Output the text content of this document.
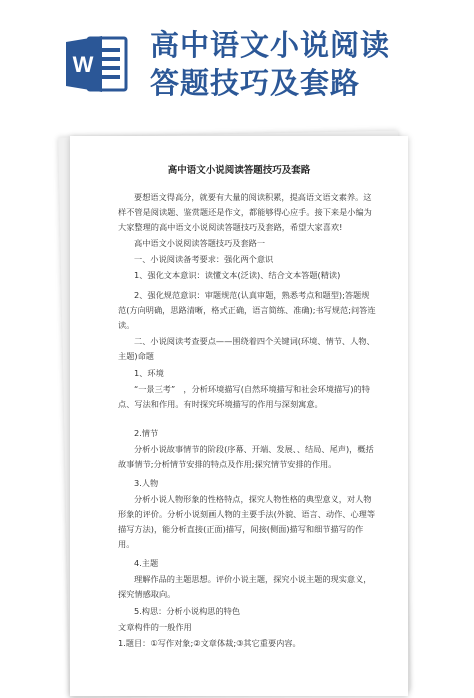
W
高中语文小说阅读
答题技巧及套路
高中语文小说阅读答题技巧及套路

要想语文得高分，就要有大量的阅读积累，提高语文语文素养。这样不管是阅读题、鉴赏题还是作文，都能够得心应手。接下来是小编为大家整理的高中语文小说阅读答题技巧及套路，希望大家喜欢!

高中语文小说阅读答题技巧及套路一

一、小说阅读备考要求：强化两个意识

1、强化文本意识：读懂文本(泛读)、结合文本答题(精读)

2、强化规范意识：审题规范(认真审题，熟悉考点和题型);答题规范(方向明确，思路清晰，格式正确，语言简练、准确);书写规范;问答连读。

二、小说阅读考查要点——围绕着四个关键词(环境、情节、人物、主题)命题

1、环境

“一景三考”　，分析环境描写(自然环境描写和社会环境描写)的特点、写法和作用。有时探究环境描写的作用与深刻寓意。

2.情节

分析小说故事情节的阶段(序幕、开端、发展、、结局、尾声)，概括故事情节;分析情节安排的特点及作用;探究情节安排的作用。

3.人物

分析小说人物形象的性格特点，探究人物性格的典型意义，对人物形象的评价。分析小说刻画人物的主要手法(外貌、语言、动作、心理等描写方法)，能分析直接(正面)描写，间接(侧面)描写和细节描写的作用。

4.主题

理解作品的主题思想。评价小说主题，探究小说主题的现实意义，探究情感取向。

5.构思：分析小说构思的特色

文章构件的一般作用

1.题目：①写作对象;②文章体裁;③其它重要内容。
